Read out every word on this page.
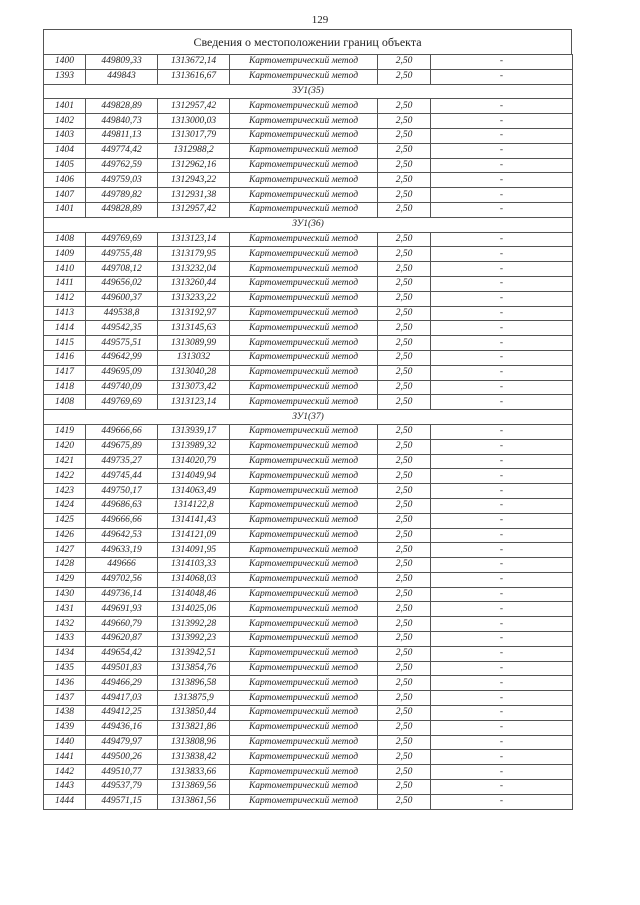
129
Сведения о местоположении границ объекта
1400	449809,33	1313672,14	Картометрический метод	2,50	-
1393	449843	1313616,67	Картометрический метод	2,50	-
ЗУ1(35)					
1401	449828,89	1312957,42	Картометрический метод	2,50	-
1402	449840,73	1313000,03	Картометрический метод	2,50	-
1403	449811,13	1313017,79	Картометрический метод	2,50	-
1404	449774,42	1312988,2	Картометрический метод	2,50	-
1405	449762,59	1312962,16	Картометрический метод	2,50	-
1406	449759,03	1312943,22	Картометрический метод	2,50	-
1407	449789,82	1312931,38	Картометрический метод	2,50	-
1401	449828,89	1312957,42	Картометрический метод	2,50	-
ЗУ1(36)					
1408	449769,69	1313123,14	Картометрический метод	2,50	-
1409	449755,48	1313179,95	Картометрический метод	2,50	-
1410	449708,12	1313232,04	Картометрический метод	2,50	-
1411	449656,02	1313260,44	Картометрический метод	2,50	-
1412	449600,37	1313233,22	Картометрический метод	2,50	-
1413	449538,8	1313192,97	Картометрический метод	2,50	-
1414	449542,35	1313145,63	Картометрический метод	2,50	-
1415	449575,51	1313089,99	Картометрический метод	2,50	-
1416	449642,99	1313032	Картометрический метод	2,50	-
1417	449695,09	1313040,28	Картометрический метод	2,50	-
1418	449740,09	1313073,42	Картометрический метод	2,50	-
1408	449769,69	1313123,14	Картометрический метод	2,50	-
ЗУ1(37)					
1419	449666,66	1313939,17	Картометрический метод	2,50	-
1420	449675,89	1313989,32	Картометрический метод	2,50	-
1421	449735,27	1314020,79	Картометрический метод	2,50	-
1422	449745,44	1314049,94	Картометрический метод	2,50	-
1423	449750,17	1314063,49	Картометрический метод	2,50	-
1424	449686,63	1314122,8	Картометрический метод	2,50	-
1425	449666,66	1314141,43	Картометрический метод	2,50	-
1426	449642,53	1314121,09	Картометрический метод	2,50	-
1427	449633,19	1314091,95	Картометрический метод	2,50	-
1428	449666	1314103,33	Картометрический метод	2,50	-
1429	449702,56	1314068,03	Картометрический метод	2,50	-
1430	449736,14	1314048,46	Картометрический метод	2,50	-
1431	449691,93	1314025,06	Картометрический метод	2,50	-
1432	449660,79	1313992,28	Картометрический метод	2,50	-
1433	449620,87	1313992,23	Картометрический метод	2,50	-
1434	449654,42	1313942,51	Картометрический метод	2,50	-
1435	449501,83	1313854,76	Картометрический метод	2,50	-
1436	449466,29	1313896,58	Картометрический метод	2,50	-
1437	449417,03	1313875,9	Картометрический метод	2,50	-
1438	449412,25	1313850,44	Картометрический метод	2,50	-
1439	449436,16	1313821,86	Картометрический метод	2,50	-
1440	449479,97	1313808,96	Картометрический метод	2,50	-
1441	449500,26	1313838,42	Картометрический метод	2,50	-
1442	449510,77	1313833,66	Картометрический метод	2,50	-
1443	449537,79	1313869,56	Картометрический метод	2,50	-
1444	449571,15	1313861,56	Картометрический метод	2,50	-
